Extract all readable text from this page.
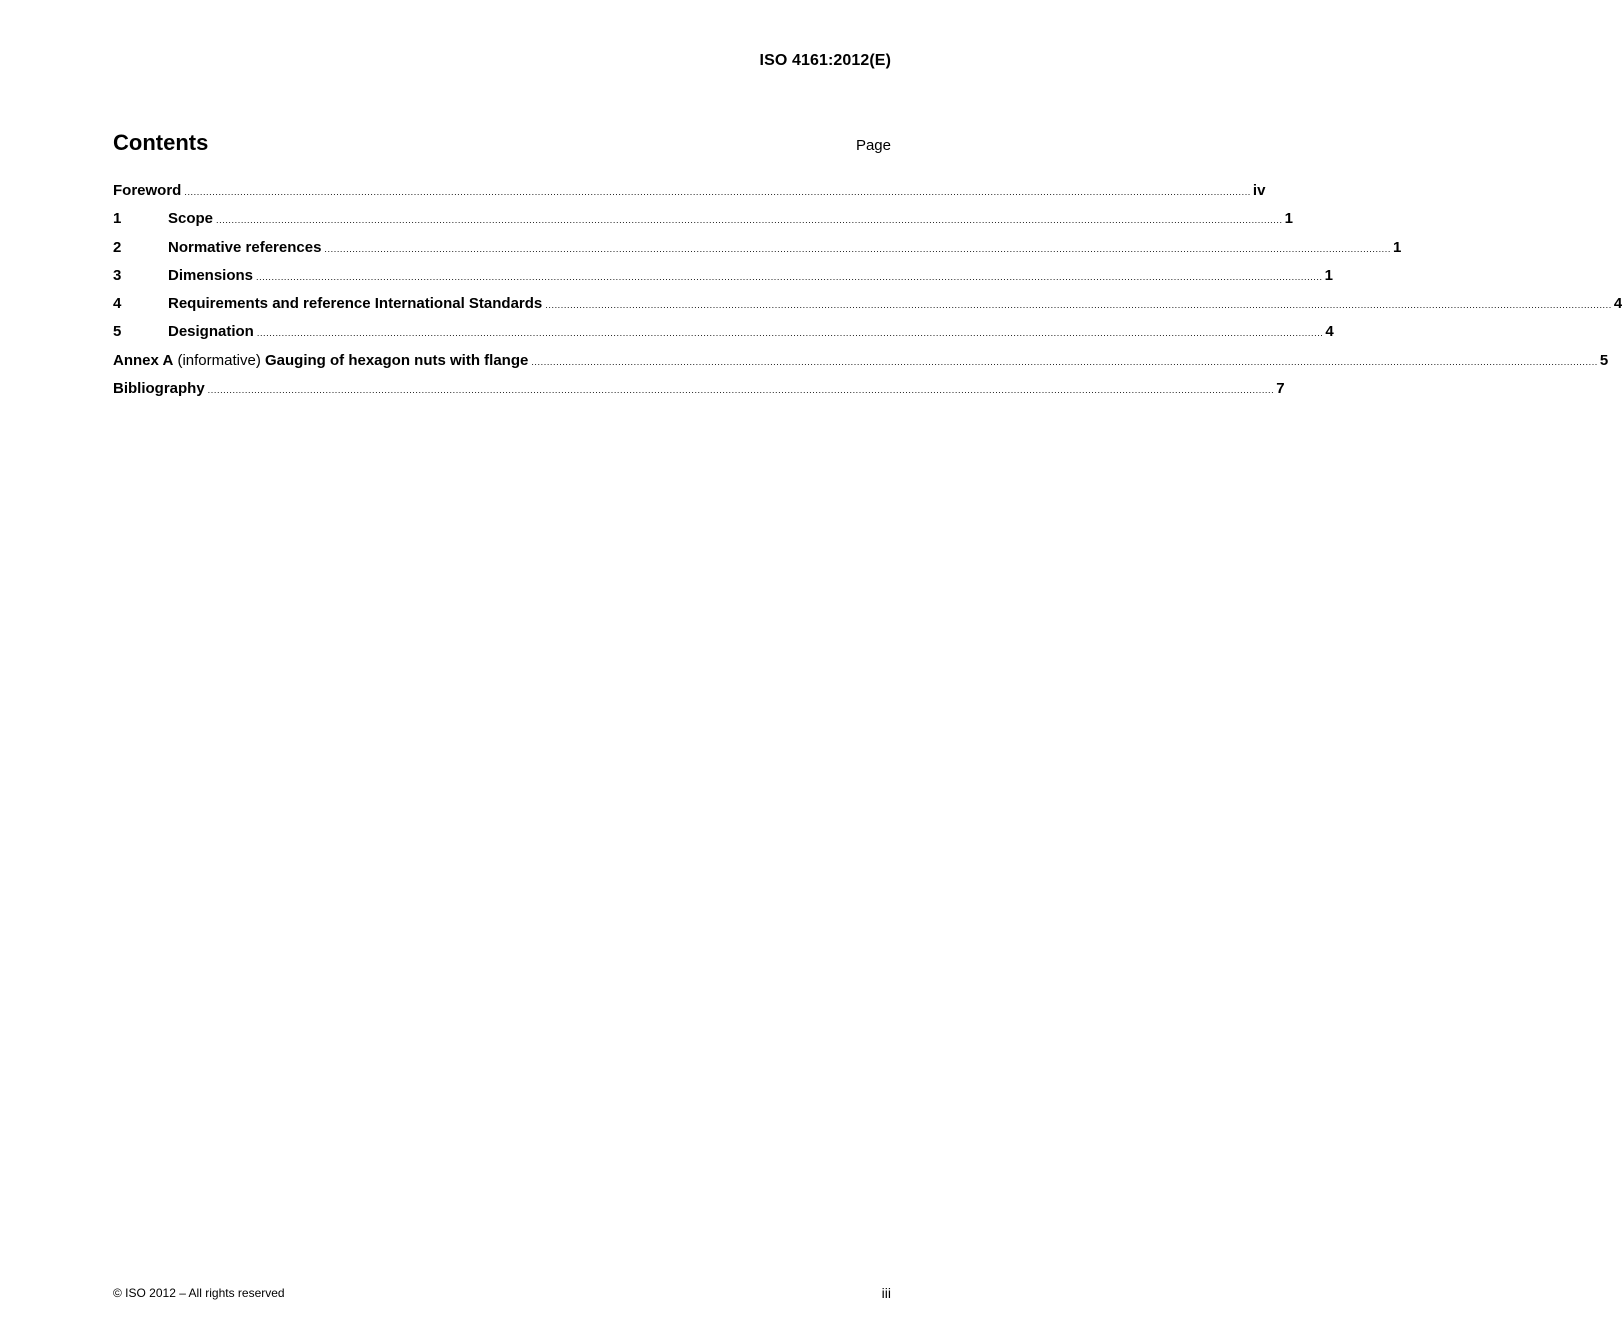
ISO 4161:2012(E)
Contents	Page
Foreword .....	iv
1	Scope .....	1
2	Normative references .....	1
3	Dimensions .....	1
4	Requirements and reference International Standards .....	4
5	Designation .....	4
Annex A (informative) Gauging of hexagon nuts with flange .....	5
Bibliography .....	7
© ISO 2012 – All rights reserved	iii
